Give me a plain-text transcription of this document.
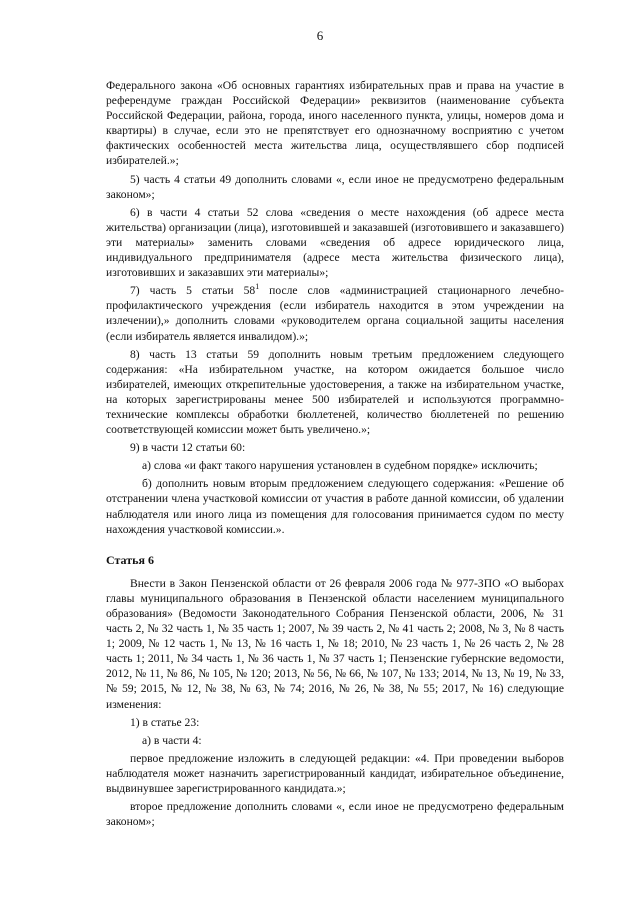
6

Федерального закона «Об основных гарантиях избирательных прав и права на участие в референдуме граждан Российской Федерации» реквизитов (наименование субъекта Российской Федерации, района, города, иного населенного пункта, улицы, номеров дома и квартиры) в случае, если это не препятствует его однозначному восприятию с учетом фактических особенностей места жительства лица, осуществлявшего сбор подписей избирателей.»;

5) часть 4 статьи 49 дополнить словами «, если иное не предусмотрено федеральным законом»;

6) в части 4 статьи 52 слова «сведения о месте нахождения (об адресе места жительства) организации (лица), изготовившей и заказавшей (изготовившего и заказавшего) эти материалы» заменить словами «сведения об адресе юридического лица, индивидуального предпринимателя (адресе места жительства физического лица), изготовивших и заказавших эти материалы»;

7) часть 5 статьи $58^1$ после слов «администрацией стационарного лечебно-профилактического учреждения (если избиратель находится в этом учреждении на излечении),» дополнить словами «руководителем органа социальной защиты населения (если избиратель является инвалидом).»;

8) часть 13 статьи 59 дополнить новым третьим предложением следующего содержания: «На избирательном участке, на котором ожидается большое число избирателей, имеющих открепительные удостоверения, а также на избирательном участке, на которых зарегистрированы менее 500 избирателей и используются программно-технические комплексы обработки бюллетеней, количество бюллетеней по решению соответствующей комиссии может быть увеличено.»;

9) в части 12 статьи 60:

а) слова «и факт такого нарушения установлен в судебном порядке» исключить;

б) дополнить новым вторым предложением следующего содержания: «Решение об отстранении члена участковой комиссии от участия в работе данной комиссии, об удалении наблюдателя или иного лица из помещения для голосования принимается судом по месту нахождения участковой комиссии.».

Статья 6

Внести в Закон Пензенской области от 26 февраля 2006 года № 977-ЗПО «О выборах главы муниципального образования в Пензенской области населением муниципального образования» (Ведомости Законодательного Собрания Пензенской области, 2006, № 31 часть 2, № 32 часть 1, № 35 часть 1; 2007, № 39 часть 2, № 41 часть 2; 2008, № 3, № 8 часть 1; 2009, № 12 часть 1, № 13, № 16 часть 1, № 18; 2010, № 23 часть 1, № 26 часть 2, № 28 часть 1; 2011, № 34 часть 1, № 36 часть 1, № 37 часть 1; Пензенские губернские ведомости, 2012, № 11, № 86, № 105, № 120; 2013, № 56, № 66, № 107, № 133; 2014, № 13, № 19, № 33, № 59; 2015, № 12, № 38, № 63, № 74; 2016, № 26, № 38, № 55; 2017, № 16) следующие изменения:

1) в статье 23:

а) в части 4:

первое предложение изложить в следующей редакции: «4. При проведении выборов наблюдателя может назначить зарегистрированный кандидат, избирательное объединение, выдвинувшее зарегистрированного кандидата.»;

второе предложение дополнить словами «, если иное не предусмотрено федеральным законом»;
